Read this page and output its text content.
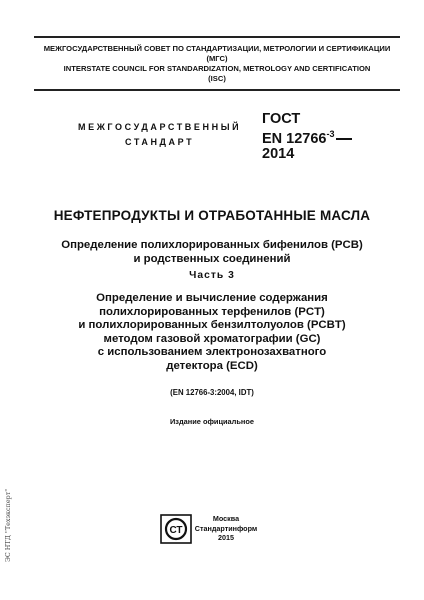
МЕЖГОСУДАРСТВЕННЫЙ СОВЕТ ПО СТАНДАРТИЗАЦИИ, МЕТРОЛОГИИ И СЕРТИФИКАЦИИ
(МГС)
INTERSTATE COUNCIL FOR STANDARDIZATION, METROLOGY AND CERTIFICATION
(ISC)
МЕЖГОСУДАРСТВЕННЫЙ
СТАНДАРТ
ГОСТ
EN $12766^{-3}$
2014
НЕФТЕПРОДУКТЫ И ОТРАБОТАННЫЕ МАСЛА
Определение полихлорированных бифенилов (PCB)
и родственных соединений
Часть 3
Определение и вычисление содержания
полихлорированных терфенилов (PCT)
и полихлорированных бензилтолуолов (PCBT)
методом газовой хроматографии (GC)
с использованием электронозахватного
детектора (ECD)
(EN 12766-3:2004, IDT)
Издание официальное
СТ
Москва
Стандартинформ
2015
ЭС НТД "Техэксперт"
